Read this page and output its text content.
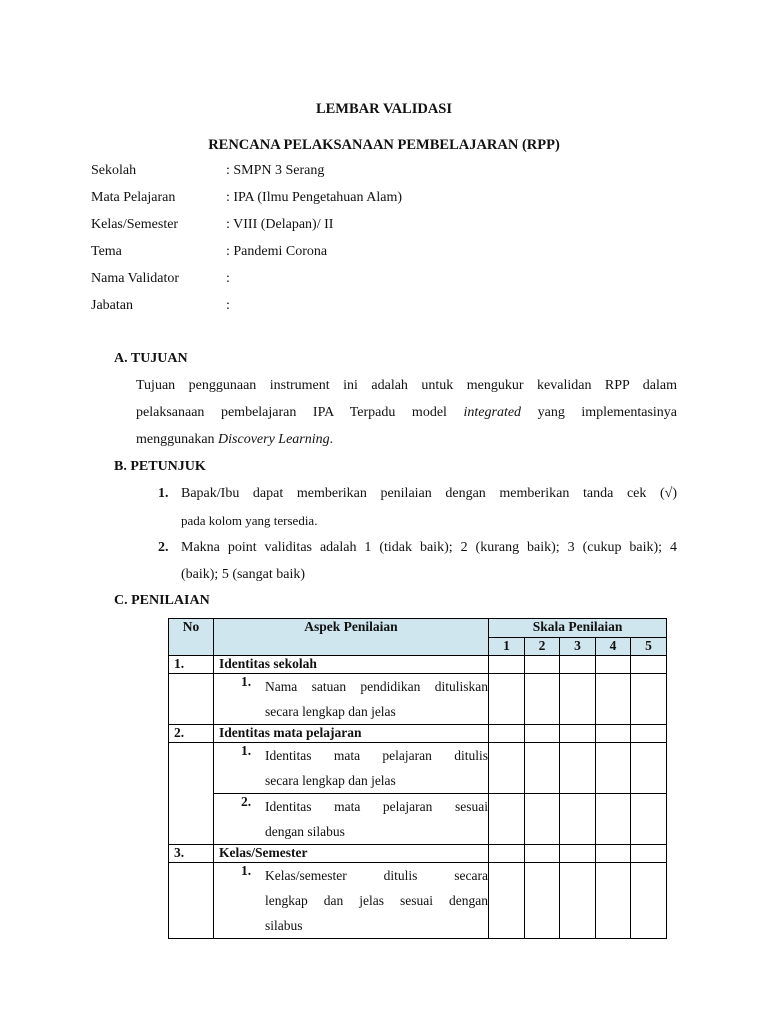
LEMBAR VALIDASI
RENCANA PELAKSANAAN PEMBELAJARAN (RPP)
Sekolah	: SMPN 3 Serang
Mata Pelajaran	: IPA (Ilmu Pengetahuan Alam)
Kelas/Semester	: VIII (Delapan)/ II
Tema	: Pandemi Corona
Nama Validator	:
Jabatan	:
A. TUJUAN
Tujuan penggunaan instrument ini adalah untuk mengukur kevalidan RPP dalam
pelaksanaan pembelajaran IPA Terpadu model integrated yang implementasinya
menggunakan Discovery Learning.
B. PETUNJUK
1. Bapak/Ibu dapat memberikan penilaian dengan memberikan tanda cek (√)
pada kolom yang tersedia.
2. Makna point validitas adalah 1 (tidak baik); 2 (kurang baik); 3 (cukup baik); 4
(baik); 5 (sangat baik)
C. PENILAIAN
No	Aspek Penilaian	Skala Penilaian				
		1	2	3	4	5
1.	Identitas sekolah					

	1. Nama satuan pendidikan dituliskan
secara lengkap dan jelas					

2.	Identitas mata pelajaran					

	1. Identitas mata pelajaran ditulis
secara lengkap dan jelas					

	2. Identitas mata pelajaran sesuai
dengan silabus					

3.	Kelas/Semester					

	1. Kelas/semester ditulis secara
lengkap dan jelas sesuai dengan
silabus					
